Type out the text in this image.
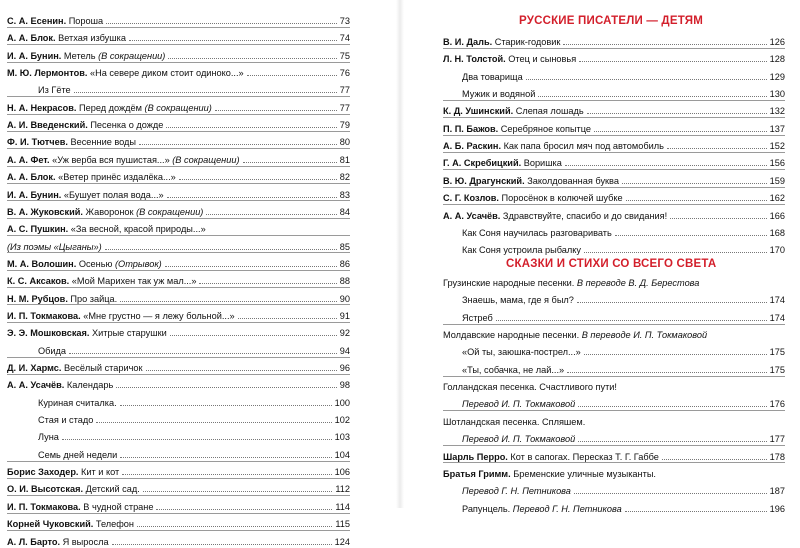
С. А. Есенин. Пороша	73
А. А. Блок. Ветхая избушка	74
И. А. Бунин. Метель (В сокращении)	75
М. Ю. Лермонтов. «На севере диком стоит одиноко...»	76
Из Гёте	77
Н. А. Некрасов. Перед дождём (В сокращении)	77
А. И. Введенский. Песенка о дожде	79
Ф. И. Тютчев. Весенние воды	80
А. А. Фет. «Уж верба вся пушистая...» (В сокращении)	81
А. А. Блок. «Ветер принёс издалёка...»	82
И. А. Бунин. «Бушует полая вода...»	83
В. А. Жуковский. Жаворонок (В сокращении)	84
А. С. Пушкин. «За весной, красой природы...»
(Из поэмы «Цыганы»)	85
М. А. Волошин. Осенью (Отрывок)	86
К. С. Аксаков. «Мой Марихен так уж мал...»	88
Н. М. Рубцов. Про зайца.	90
И. П. Токмакова. «Мне грустно — я лежу больной...»	91
Э. Э. Мошковская. Хитрые старушки	92
Обида	94
Д. И. Хармс. Весёлый старичок	96
А. А. Усачёв. Календарь	98
Куриная считалка.	100
Стая и стадо	102
Луна	103
Семь дней недели	104
Борис Заходер. Кит и кот	106
О. И. Высотская. Детский сад.	112
И. П. Токмакова. В чудной стране	114
Корней Чуковский. Телефон	115
А. Л. Барто. Я выросла	124
РУССКИЕ ПИСАТЕЛИ — ДЕТЯМ
СКАЗКИ И СТИХИ СО ВСЕГО СВЕТА
В. И. Даль. Старик-годовик	126
Л. Н. Толстой. Отец и сыновья	128
Два товарища	129
Мужик и водяной	130
К. Д. Ушинский. Слепая лошадь	132
П. П. Бажов. Серебряное копытце	137
А. Б. Раскин. Как папа бросил мяч под автомобиль	152
Г. А. Скребицкий. Воришка	156
В. Ю. Драгунский. Заколдованная буква	159
С. Г. Козлов. Поросёнок в колючей шубке	162
А. А. Усачёв. Здравствуйте, спасибо и до свидания!	166
Как Соня научилась разговаривать	168
Как Соня устроила рыбалку	170
Грузинские народные песенки. В переводе В. Д. Берестова
Знаешь, мама, где я был?	174
Ястреб	174
Молдавские народные песенки. В переводе И. П. Токмаковой
«Ой ты, заюшка-пострел...»	175
«Ты, собачка, не лай...»	175
Голландская песенка. Счастливого пути!
Перевод И. П. Токмаковой	176
Шотландская песенка. Спляшем.
Перевод И. П. Токмаковой	177
Шарль Перро. Кот в сапогах. Пересказ Т. Г. Габбе	178
Братья Гримм. Бременские уличные музыканты.
Перевод Г. Н. Петникова	187
Рапунцель. Перевод Г. Н. Петникова	196
